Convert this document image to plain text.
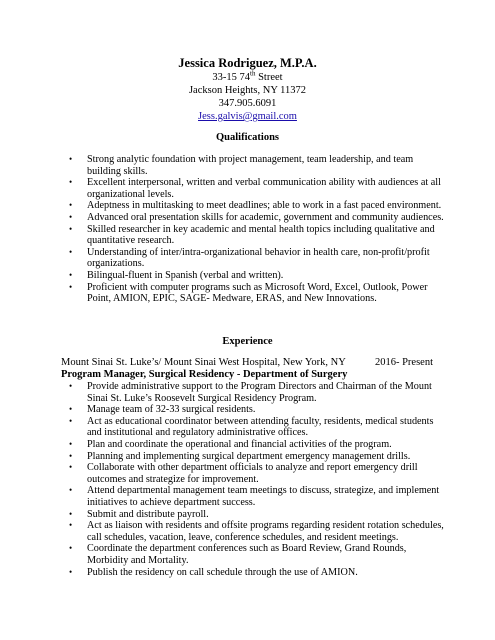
Jessica Rodriguez, M.P.A.
33-15 74th Street
Jackson Heights, NY 11372
347.905.6091
Jess.galvis@gmail.com
Qualifications
• Strong analytic foundation with project management, team leadership, and team building skills.
• Excellent interpersonal, written and verbal communication ability with audiences at all organizational levels.
• Adeptness in multitasking to meet deadlines; able to work in a fast paced environment.
• Advanced oral presentation skills for academic, government and community audiences.
• Skilled researcher in key academic and mental health topics including qualitative and quantitative research.
• Understanding of inter/intra-organizational behavior in health care, non-profit/profit organizations.
• Bilingual-fluent in Spanish (verbal and written).
• Proficient with computer programs such as Microsoft Word, Excel, Outlook, Power Point, AMION, EPIC, SAGE- Medware, ERAS, and New Innovations.
Experience
Mount Sinai St. Luke’s/ Mount Sinai West Hospital, New York, NY	2016- Present
Program Manager, Surgical Residency - Department of Surgery
• Provide administrative support to the Program Directors and Chairman of the Mount Sinai St. Luke’s Roosevelt Surgical Residency Program.
• Manage team of 32-33 surgical residents.
• Act as educational coordinator between attending faculty, residents, medical students and institutional and regulatory administrative offices.
• Plan and coordinate the operational and financial activities of the program.
• Planning and implementing surgical department emergency management drills.
• Collaborate with other department officials to analyze and report emergency drill outcomes and strategize for improvement.
• Attend departmental management team meetings to discuss, strategize, and implement initiatives to achieve department success.
• Submit and distribute payroll.
• Act as liaison with residents and offsite programs regarding resident rotation schedules, call schedules, vacation, leave, conference schedules, and resident meetings.
• Coordinate the department conferences such as Board Review, Grand Rounds, Morbidity and Mortality.
• Publish the residency on call schedule through the use of AMION.
